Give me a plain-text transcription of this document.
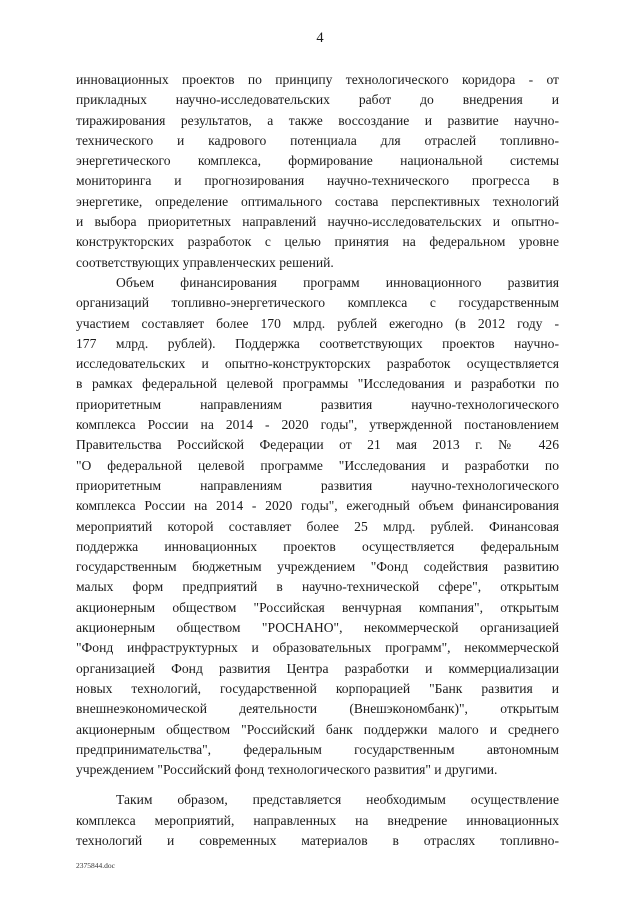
4
инновационных проектов по принципу технологического коридора - от
прикладных научно-исследовательских работ до внедрения и
тиражирования результатов, а также воссоздание и развитие научно-
технического и кадрового потенциала для отраслей топливно-
энергетического комплекса, формирование национальной системы
мониторинга и прогнозирования научно-технического прогресса в
энергетике, определение оптимального состава перспективных технологий
и выбора приоритетных направлений научно-исследовательских и опытно-
конструкторских разработок с целью принятия на федеральном уровне
соответствующих управленческих решений.
Объем финансирования программ инновационного развития
организаций топливно-энергетического комплекса с государственным
участием составляет более 170 млрд. рублей ежегодно (в 2012 году -
177 млрд. рублей). Поддержка соответствующих проектов научно-
исследовательских и опытно-конструкторских разработок осуществляется
в рамках федеральной целевой программы "Исследования и разработки по
приоритетным направлениям развития научно-технологического
комплекса России на 2014 - 2020 годы", утвержденной постановлением
Правительства Российской Федерации от 21 мая 2013 г. № 426
"О федеральной целевой программе "Исследования и разработки по
приоритетным направлениям развития научно-технологического
комплекса России на 2014 - 2020 годы", ежегодный объем финансирования
мероприятий которой составляет более 25 млрд. рублей. Финансовая
поддержка инновационных проектов осуществляется федеральным
государственным бюджетным учреждением "Фонд содействия развитию
малых форм предприятий в научно-технической сфере", открытым
акционерным обществом "Российская венчурная компания", открытым
акционерным обществом "РОСНАНО", некоммерческой организацией
"Фонд инфраструктурных и образовательных программ", некоммерческой
организацией Фонд развития Центра разработки и коммерциализации
новых технологий, государственной корпорацией "Банк развития и
внешнеэкономической деятельности (Внешэкономбанк)", открытым
акционерным обществом "Российский банк поддержки малого и среднего
предпринимательства", федеральным государственным автономным
учреждением "Российский фонд технологического развития" и другими.
Таким образом, представляется необходимым осуществление
комплекса мероприятий, направленных на внедрение инновационных
технологий и современных материалов в отраслях топливно-
2375844.doc
